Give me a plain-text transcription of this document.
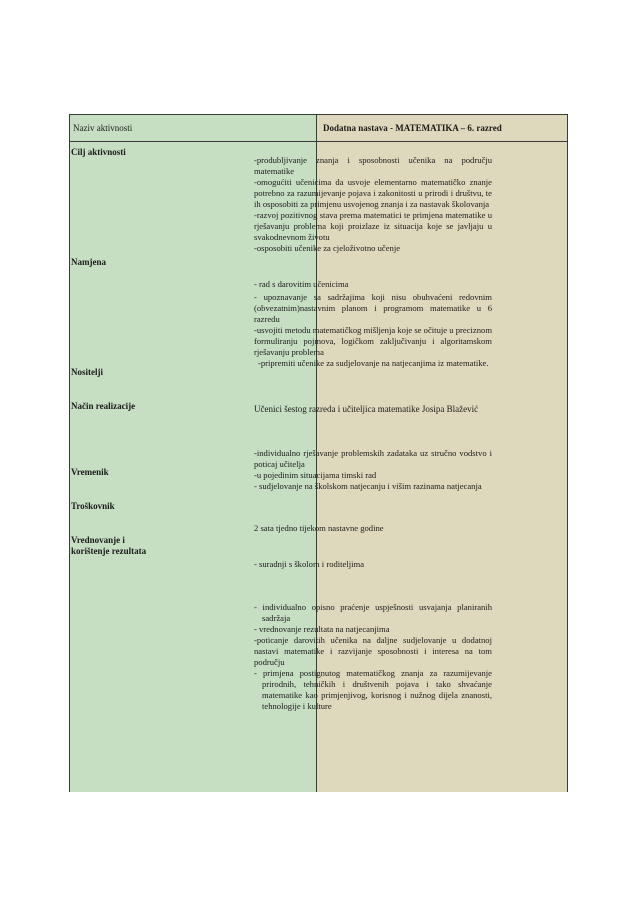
Naziv aktivnosti	Dodatna nastava - MATEMATIKA – 6. razred
Cilj aktivnosti
Namjena
Nositelji
Način realizacije
Vremenik
Troškovnik
Vrednovanje i
korištenje rezultata

-produbljivanje znanja i sposobnosti učenika na području matematike

-omogućiti učenicima da usvoje elementarno matematičko znanje potrebno za razumijevanje pojava i zakonitosti u prirodi i društvu, te ih osposobiti za primjenu usvojenog znanja i za nastavak školovanja

-razvoj pozitivnog stava prema matematici te primjena matematike u rješavanju problema koji proizlaze iz situacija koje se javljaju u svakodnevnom životu

-osposobiti učenike za cjeloživotno učenje

- rad s darovitim učenicima

- upoznavanje sa sadržajima koji nisu obuhvaćeni redovnim (obvezatnim)nastavnim planom i programom matematike u 6 razredu

-usvojiti metodu matematičkog mišljenja koje se očituje u preciznom formuliranju pojmova, logičkom zaključivanju i algoritamskom rješavanju problema

-pripremiti učenike za sudjelovanje na natjecanjima iz matematike.

Učenici šestog razreda i učiteljica matematike Josipa Blažević

-individualno rješavanje problemskih zadataka uz stručno vodstvo i poticaj učitelja

-u pojedinim situacijama timski rad

- sudjelovanje na školskom natjecanju i višim razinama natjecanja

2 sata tjedno tijekom nastavne godine
- suradnji s školom i roditeljima

- individualno opisno praćenje uspješnosti usvajanja planiranih sadržaja

- vrednovanje rezultata na natjecanjima

-poticanje darovitih učenika na daljne sudjelovanje u dodatnoj nastavi matematike i razvijanje sposobnosti i interesa na tom području

- primjena postignutog matematičkog znanja za razumijevanje prirodnih, tehničkih i društvenih pojava i tako shvaćanje matematike kao primjenjivog, korisnog i nužnog dijela znanosti, tehnologije i kulture
